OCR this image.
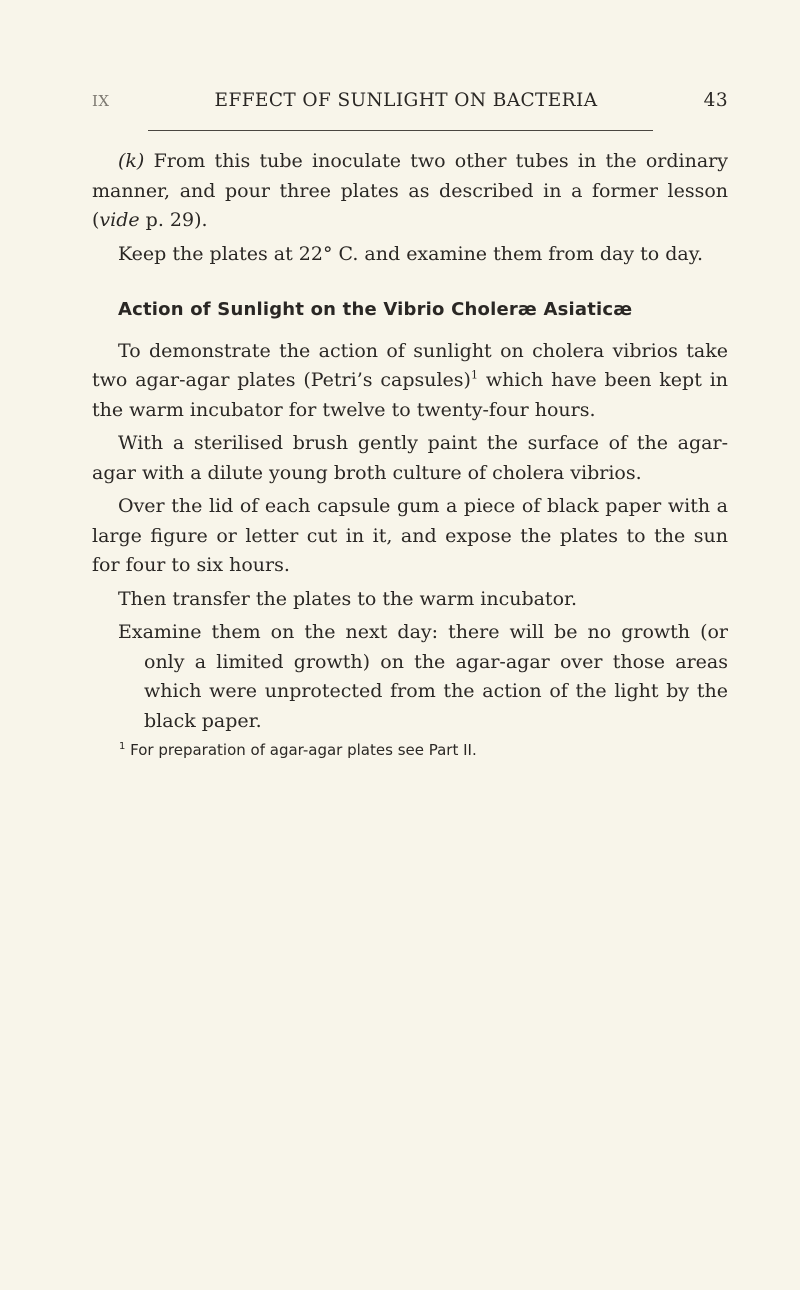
IX	EFFECT OF SUNLIGHT ON BACTERIA	43

(k) From this tube inoculate two other tubes in the ordinary manner, and pour three plates as described in a former lesson (vide p. 29).

Keep the plates at 22° C. and examine them from day to day.

Action of Sunlight on the Vibrio Choleræ Asiaticæ

To demonstrate the action of sunlight on cholera vibrios take two agar-agar plates (Petri’s capsules)$^1$ which have been kept in the warm incubator for twelve to twenty-four hours.

With a sterilised brush gently paint the surface of the agar-agar with a dilute young broth culture of cholera vibrios.

Over the lid of each capsule gum a piece of black paper with a large figure or letter cut in it, and expose the plates to the sun for four to six hours.

Then transfer the plates to the warm incubator.

Examine them on the next day: there will be no growth (or only a limited growth) on the agar-agar over those areas which were unprotected from the action of the light by the black paper.

$^1$ For preparation of agar-agar plates see Part II.
